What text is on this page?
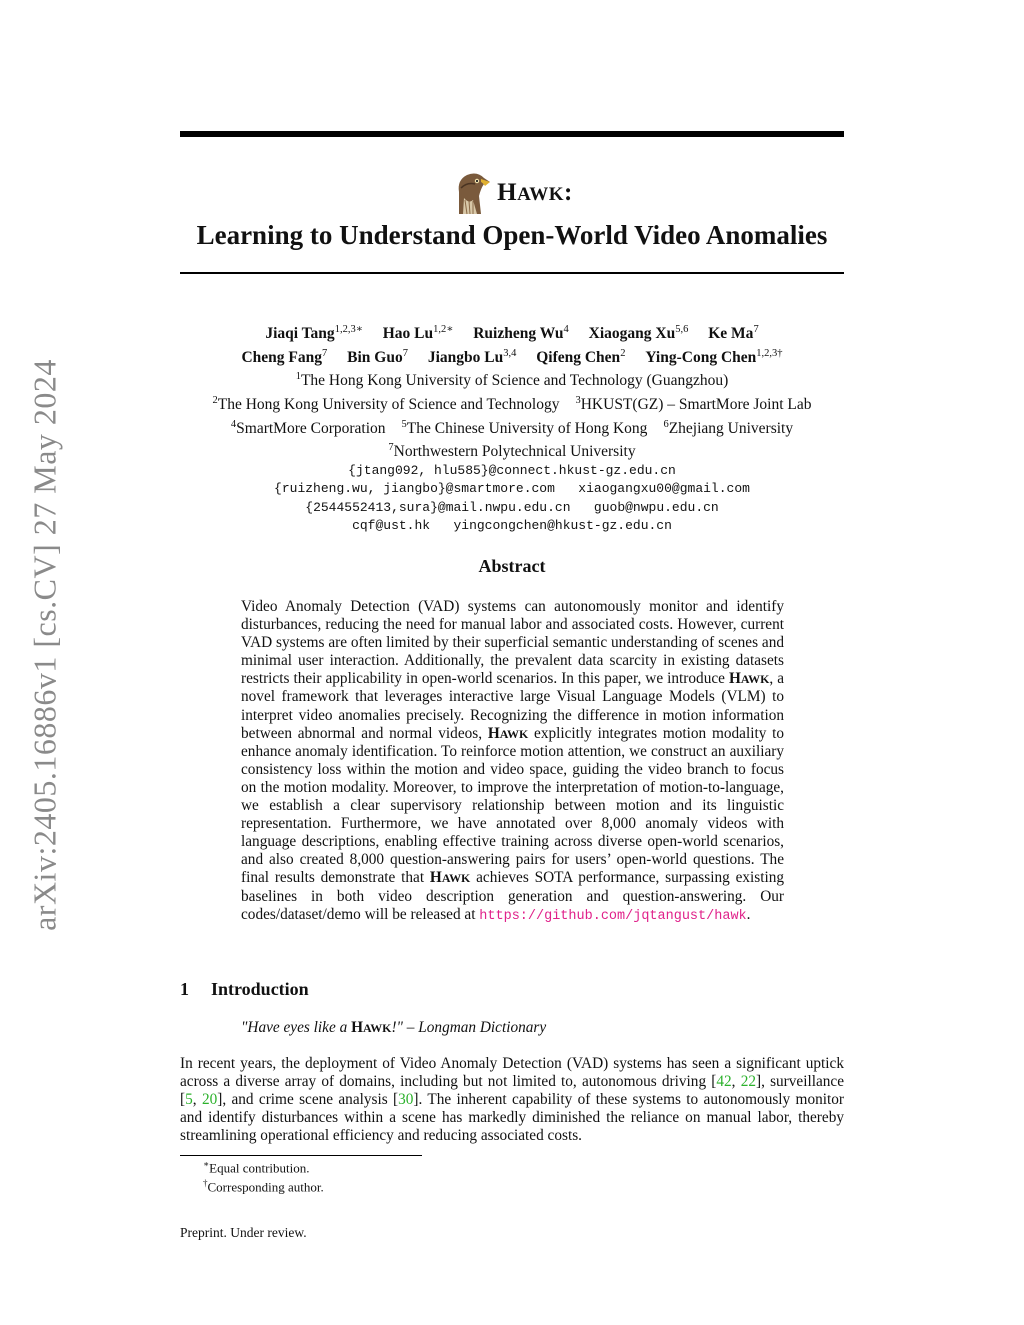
arXiv:2405.16886v1 [cs.CV] 27 May 2024
HAWK:
Learning to Understand Open-World Video Anomalies
Jiaqi Tang$^{1,2,3∗}$ Hao $Lu^{1,2∗}$ Ruizheng Wu$^4$ Xiaogang Xu$^{5,6}$ Ke Ma$^7$
Cheng Fang$^7$ Bin Guo$^7$ Jiangbo Lu$^{3,4}$ Qifeng Chen$^2$ Ying-Cong Chen$^{1,2,3\dagger}$
$^1$The Hong Kong University of Science and Technology (Guangzhou)
$^2$The Hong Kong University of Science and Technology $^3$HKUST(GZ) – SmartMore Joint Lab
$^4$SmartMore Corporation $^5$The Chinese University of Hong Kong $^6$Zhejiang University
$^7$Northwestern Polytechnical University
{jtang092, hlu585}@connect.hkust-gz.edu.cn
{ruizheng.wu, jiangbo}@smartmore.com   xiaogangxu00@gmail.com
{2544552413,sura}@mail.nwpu.edu.cn   guob@nwpu.edu.cn
cqf@ust.hk   yingcongchen@hkust-gz.edu.cn
Abstract
Video Anomaly Detection (VAD) systems can autonomously monitor and identify disturbances, reducing the need for manual labor and associated costs. However, current VAD systems are often limited by their superficial semantic understanding of scenes and minimal user interaction. Additionally, the prevalent data scarcity in existing datasets restricts their applicability in open-world scenarios. In this paper, we introduce HAWK, a novel framework that leverages interactive large Visual Language Models (VLM) to interpret video anomalies precisely. Recognizing the difference in motion information between abnormal and normal videos, HAWK explicitly integrates motion modality to enhance anomaly identification. To reinforce motion attention, we construct an auxiliary consistency loss within the motion and video space, guiding the video branch to focus on the motion modality. Moreover, to improve the interpretation of motion-to-language, we establish a clear supervisory relationship between motion and its linguistic representation. Furthermore, we have annotated over 8,000 anomaly videos with language descriptions, enabling effective training across diverse open-world scenarios, and also created 8,000 question-answering pairs for users’ open-world questions. The final results demonstrate that HAWK achieves SOTA performance, surpassing existing baselines in both video description generation and question-answering. Our codes/dataset/demo will be released at https://github.com/jqtangust/hawk.
1 Introduction
"Have eyes like a HAWK!" – Longman Dictionary
In recent years, the deployment of Video Anomaly Detection (VAD) systems has seen a significant uptick across a diverse array of domains, including but not limited to, autonomous driving [42, 22], surveillance [5, 20], and crime scene analysis [30]. The inherent capability of these systems to autonomously monitor and identify disturbances within a scene has markedly diminished the reliance on manual labor, thereby streamlining operational efficiency and reducing associated costs.
∗Equal contribution.
†Corresponding author.
Preprint. Under review.
